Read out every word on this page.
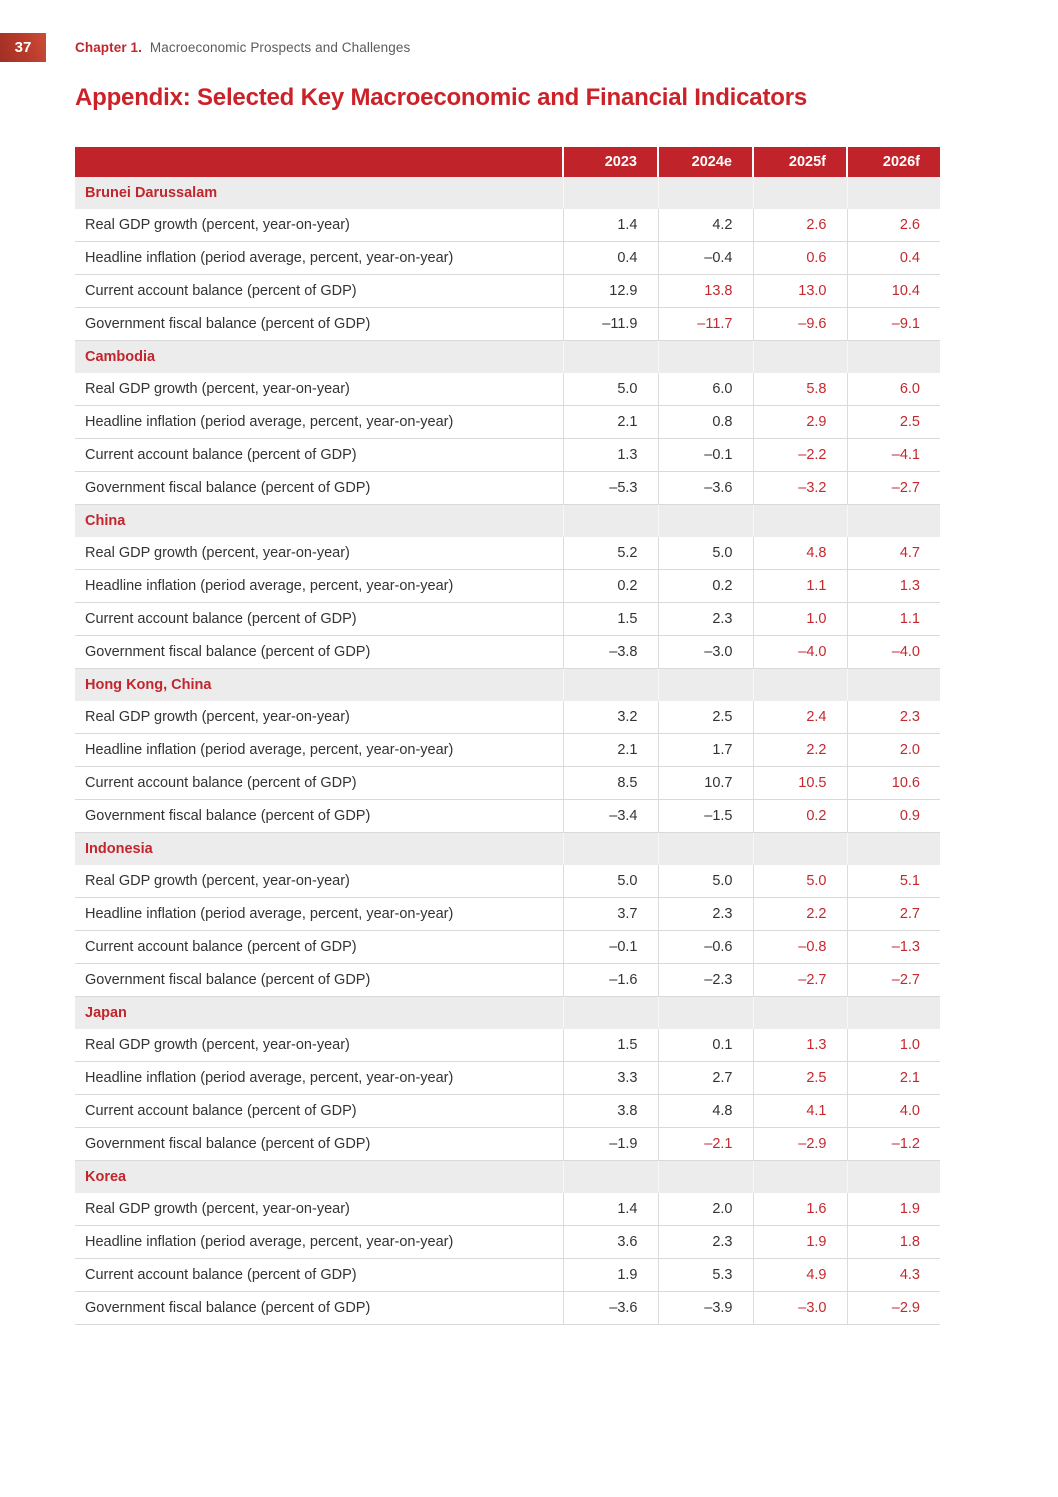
37	Chapter 1. Macroeconomic Prospects and Challenges
Appendix: Selected Key Macroeconomic and Financial Indicators
	2023	2024e	2025f	2026f
Brunei Darussalam				
Real GDP growth (percent, year-on-year)	1.4	4.2	2.6	2.6
Headline inflation (period average, percent, year-on-year)	0.4	–0.4	0.6	0.4
Current account balance (percent of GDP)	12.9	13.8	13.0	10.4
Government fiscal balance (percent of GDP)	–11.9	–11.7	–9.6	–9.1
Cambodia				
Real GDP growth (percent, year-on-year)	5.0	6.0	5.8	6.0
Headline inflation (period average, percent, year-on-year)	2.1	0.8	2.9	2.5
Current account balance (percent of GDP)	1.3	–0.1	–2.2	–4.1
Government fiscal balance (percent of GDP)	–5.3	–3.6	–3.2	–2.7
China				
Real GDP growth (percent, year-on-year)	5.2	5.0	4.8	4.7
Headline inflation (period average, percent, year-on-year)	0.2	0.2	1.1	1.3
Current account balance (percent of GDP)	1.5	2.3	1.0	1.1
Government fiscal balance (percent of GDP)	–3.8	–3.0	–4.0	–4.0
Hong Kong, China				
Real GDP growth (percent, year-on-year)	3.2	2.5	2.4	2.3
Headline inflation (period average, percent, year-on-year)	2.1	1.7	2.2	2.0
Current account balance (percent of GDP)	8.5	10.7	10.5	10.6
Government fiscal balance (percent of GDP)	–3.4	–1.5	0.2	0.9
Indonesia				
Real GDP growth (percent, year-on-year)	5.0	5.0	5.0	5.1
Headline inflation (period average, percent, year-on-year)	3.7	2.3	2.2	2.7
Current account balance (percent of GDP)	–0.1	–0.6	–0.8	–1.3
Government fiscal balance (percent of GDP)	–1.6	–2.3	–2.7	–2.7
Japan				
Real GDP growth (percent, year-on-year)	1.5	0.1	1.3	1.0
Headline inflation (period average, percent, year-on-year)	3.3	2.7	2.5	2.1
Current account balance (percent of GDP)	3.8	4.8	4.1	4.0
Government fiscal balance (percent of GDP)	–1.9	–2.1	–2.9	–1.2
Korea				
Real GDP growth (percent, year-on-year)	1.4	2.0	1.6	1.9
Headline inflation (period average, percent, year-on-year)	3.6	2.3	1.9	1.8
Current account balance (percent of GDP)	1.9	5.3	4.9	4.3
Government fiscal balance (percent of GDP)	–3.6	–3.9	–3.0	–2.9
